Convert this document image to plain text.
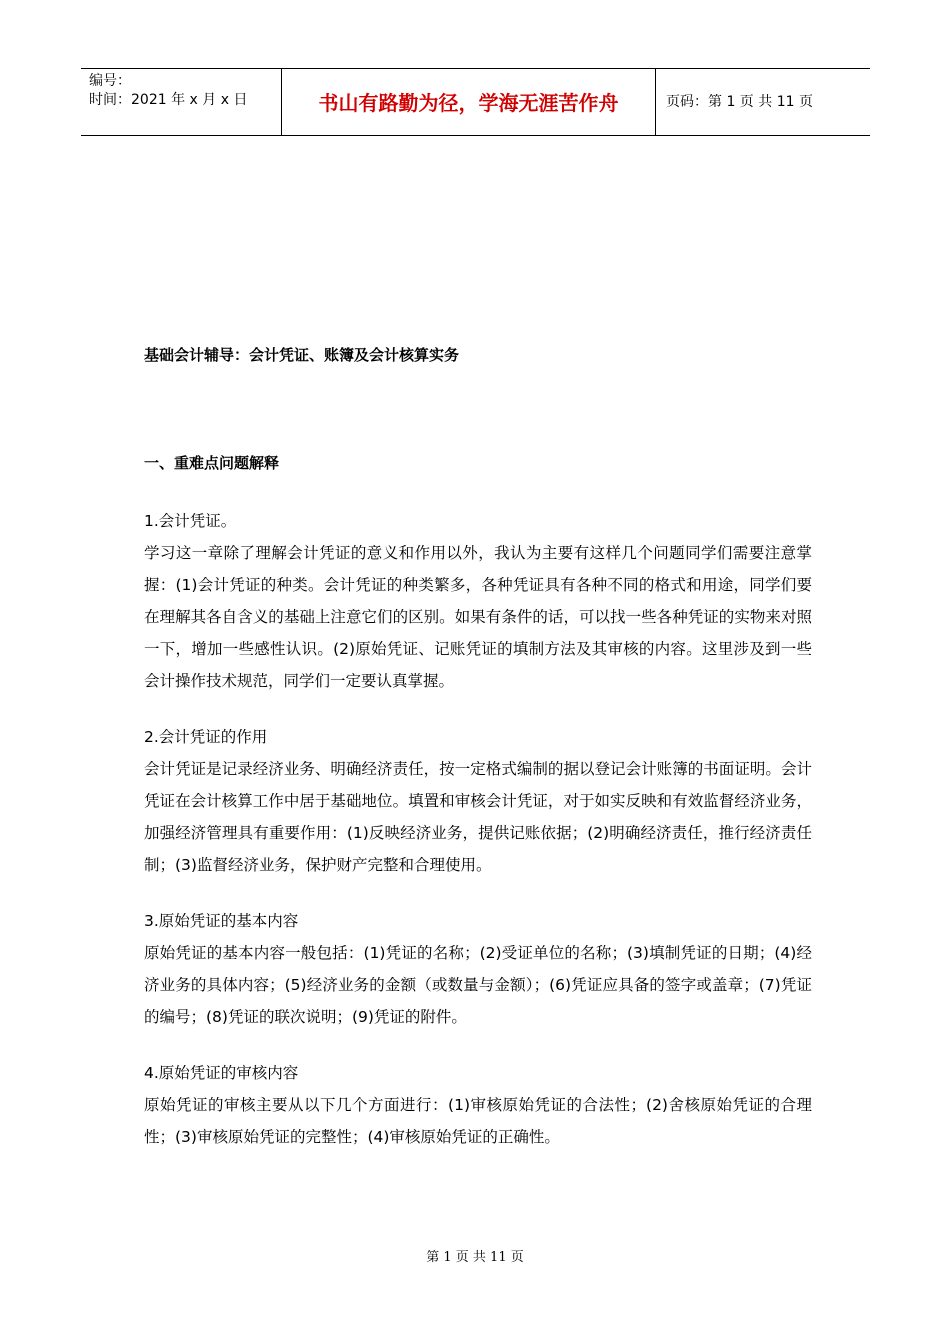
编号：
时间：2021 年 x 月 x 日	书山有路勤为径，学海无涯苦作舟	页码：第 1 页 共 11 页
基础会计辅导：会计凭证、账簿及会计核算实务
一、重难点问题解释

1.会计凭证。

学习这一章除了理解会计凭证的意义和作用以外，我认为主要有这样几个问题同学们需要注意掌握：(1)会计凭证的种类。会计凭证的种类繁多，各种凭证具有各种不同的格式和用途，同学们要在理解其各自含义的基础上注意它们的区别。如果有条件的话，可以找一些各种凭证的实物来对照一下，增加一些感性认识。(2)原始凭证、记账凭证的填制方法及其审核的内容。这里涉及到一些会计操作技术规范，同学们一定要认真掌握。

2.会计凭证的作用

会计凭证是记录经济业务、明确经济责任，按一定格式编制的据以登记会计账簿的书面证明。会计凭证在会计核算工作中居于基础地位。填置和审核会计凭证，对于如实反映和有效监督经济业务，加强经济管理具有重要作用：(1)反映经济业务，提供记账依据；(2)明确经济责任，推行经济责任制；(3)监督经济业务，保护财产完整和合理使用。

3.原始凭证的基本内容

原始凭证的基本内容一般包括：(1)凭证的名称；(2)受证单位的名称；(3)填制凭证的日期；(4)经济业务的具体内容；(5)经济业务的金额（或数量与金额）；(6)凭证应具备的签字或盖章；(7)凭证的编号；(8)凭证的联次说明；(9)凭证的附件。

4.原始凭证的审核内容

原始凭证的审核主要从以下几个方面进行：(1)审核原始凭证的合法性；(2)舍核原始凭证的合理性；(3)审核原始凭证的完整性；(4)审核原始凭证的正确性。

第 1 页 共 11 页
